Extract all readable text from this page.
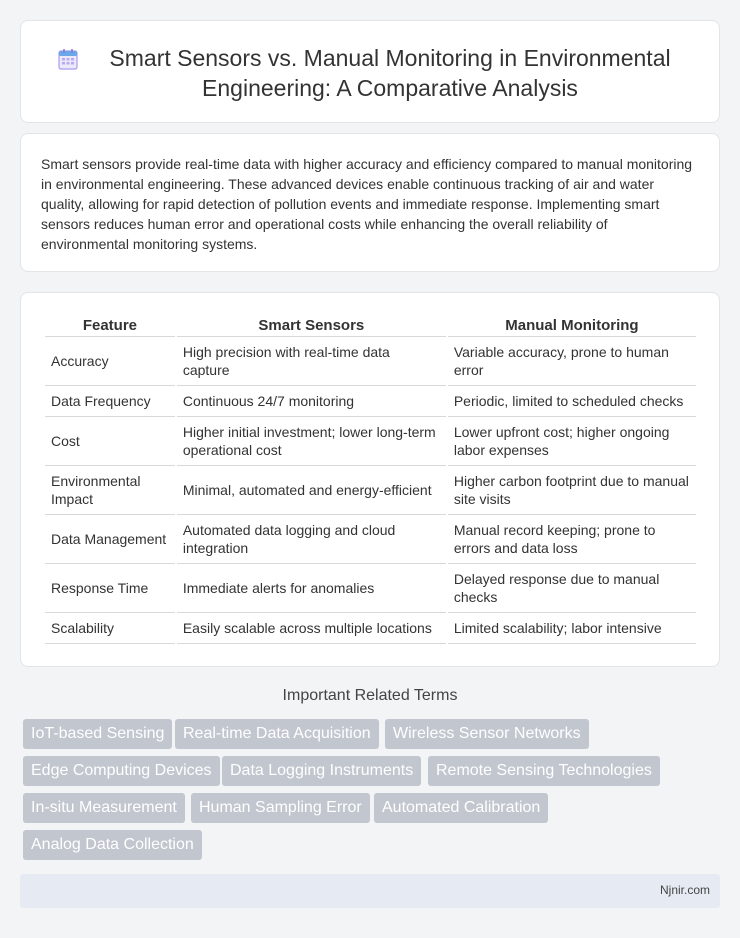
Smart Sensors vs. Manual Monitoring in Environmental Engineering: A Comparative Analysis

Smart sensors provide real-time data with higher accuracy and efficiency compared to manual monitoring in environmental engineering. These advanced devices enable continuous tracking of air and water quality, allowing for rapid detection of pollution events and immediate response. Implementing smart sensors reduces human error and operational costs while enhancing the overall reliability of environmental monitoring systems.

Feature	Smart Sensors	Manual Monitoring
Accuracy	High precision with real-time data capture	Variable accuracy, prone to human error
Data Frequency	Continuous 24/7 monitoring	Periodic, limited to scheduled checks
Cost	Higher initial investment; lower long-term operational cost	Lower upfront cost; higher ongoing labor expenses
Environmental Impact	Minimal, automated and energy-efficient	Higher carbon footprint due to manual site visits
Data Management	Automated data logging and cloud integration	Manual record keeping; prone to errors and data loss
Response Time	Immediate alerts for anomalies	Delayed response due to manual checks
Scalability	Easily scalable across multiple locations	Limited scalability; labor intensive
Important Related Terms
IoT-based Sensing	Real-time Data Acquisition	Wireless Sensor Networks
Edge Computing Devices	Data Logging Instruments	Remote Sensing Technologies
In-situ Measurement	Human Sampling Error	Automated Calibration
Analog Data Collection
Njnir.com
